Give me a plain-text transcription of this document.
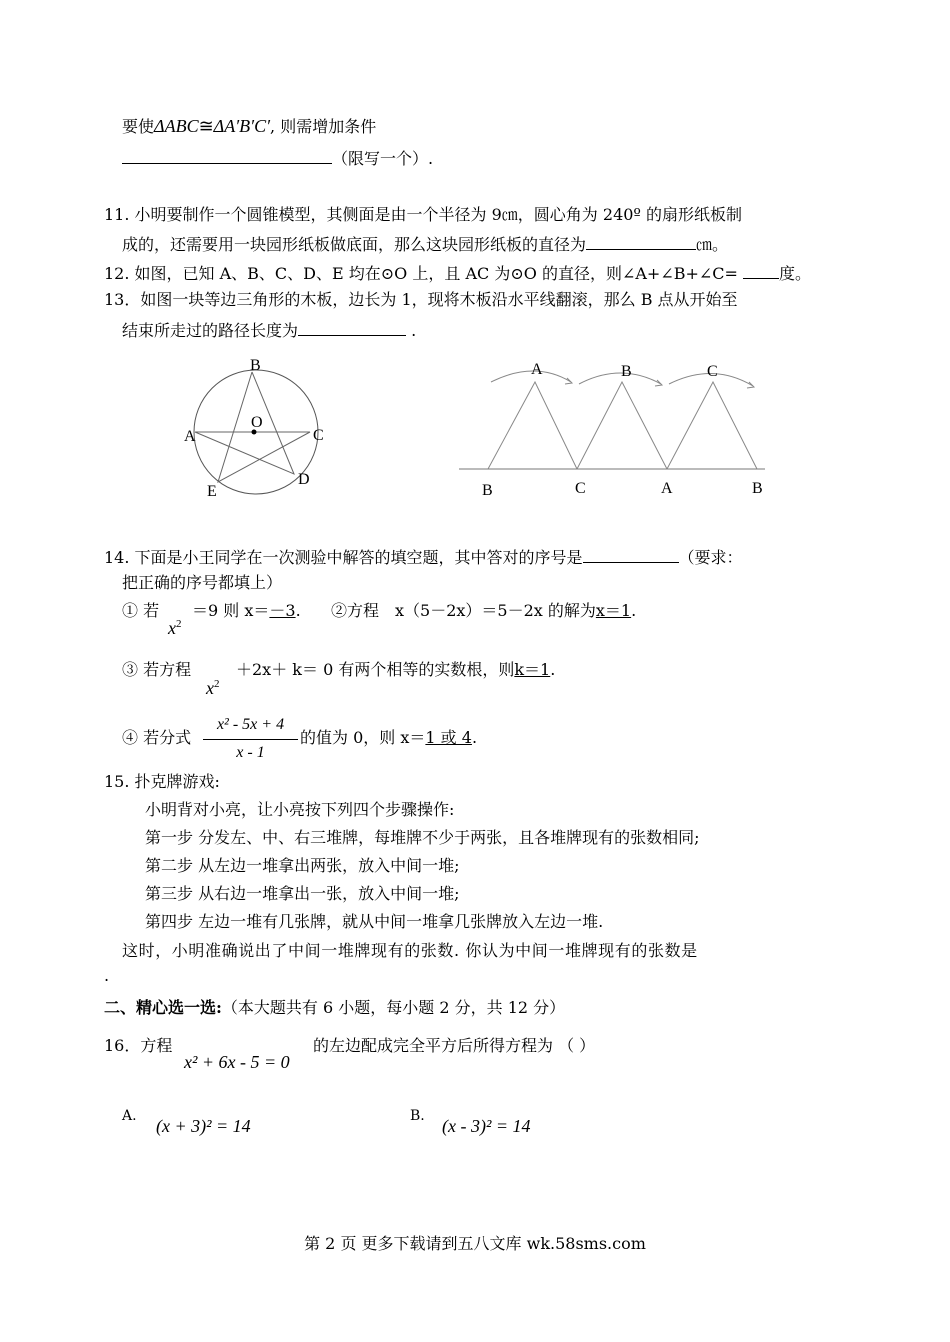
要使ΔABC≅ΔA′B′C′, 则需增加条件
（限写一个）.
11. 小明要制作一个圆锥模型，其侧面是由一个半径为 9㎝，圆心角为 240º 的扇形纸板制
成的，还需要用一块园形纸板做底面，那么这块园形纸板的直径为	㎝。
12. 如图，已知 A、B、C、D、E 均在⊙O 上，且 AC 为⊙O 的直径，则∠A+∠B+∠C=	度。
13．如图一块等边三角形的木板，边长为 1，现将木板沿水平线翻滚，那么 B 点从开始至
结束所走过的路径长度为	.
B
O
A	C
E
D
A	B	C
B	C	A	B
14. 下面是小王同学在一次测验中解答的填空题，其中答对的序号是	（要求：
把正确的序号都填上）
① 若
$x^2$
＝9 则 x＝－3. ②方程　x（5－2x）＝5－2x 的解为x＝1.
③ 若方程
$x^2$
＋2x＋ k＝ 0 有两个相等的实数根，则k＝1.
④ 若分式
x² - 5x + 4
x - 1
的值为 0，则 x＝1 或 4.
15. 扑克牌游戏:
小明背对小亮，让小亮按下列四个步骤操作:
第一步 分发左、中、右三堆牌，每堆牌不少于两张，且各堆牌现有的张数相同;
第二步 从左边一堆拿出两张，放入中间一堆;
第三步 从右边一堆拿出一张，放入中间一堆;
第四步 左边一堆有几张牌，就从中间一堆拿几张牌放入左边一堆.
这时，小明准确说出了中间一堆牌现有的张数. 你认为中间一堆牌现有的张数是
.
二、精心选一选:（本大题共有 6 小题，每小题 2 分，共 12 分）
16．方程
x² + 6x - 5 = 0
的左边配成完全平方后所得方程为 （ ）
A. (x + 3)² = 14	B. (x - 3)² = 14
第 2 页 更多下载请到五八文库 wk.58sms.com
